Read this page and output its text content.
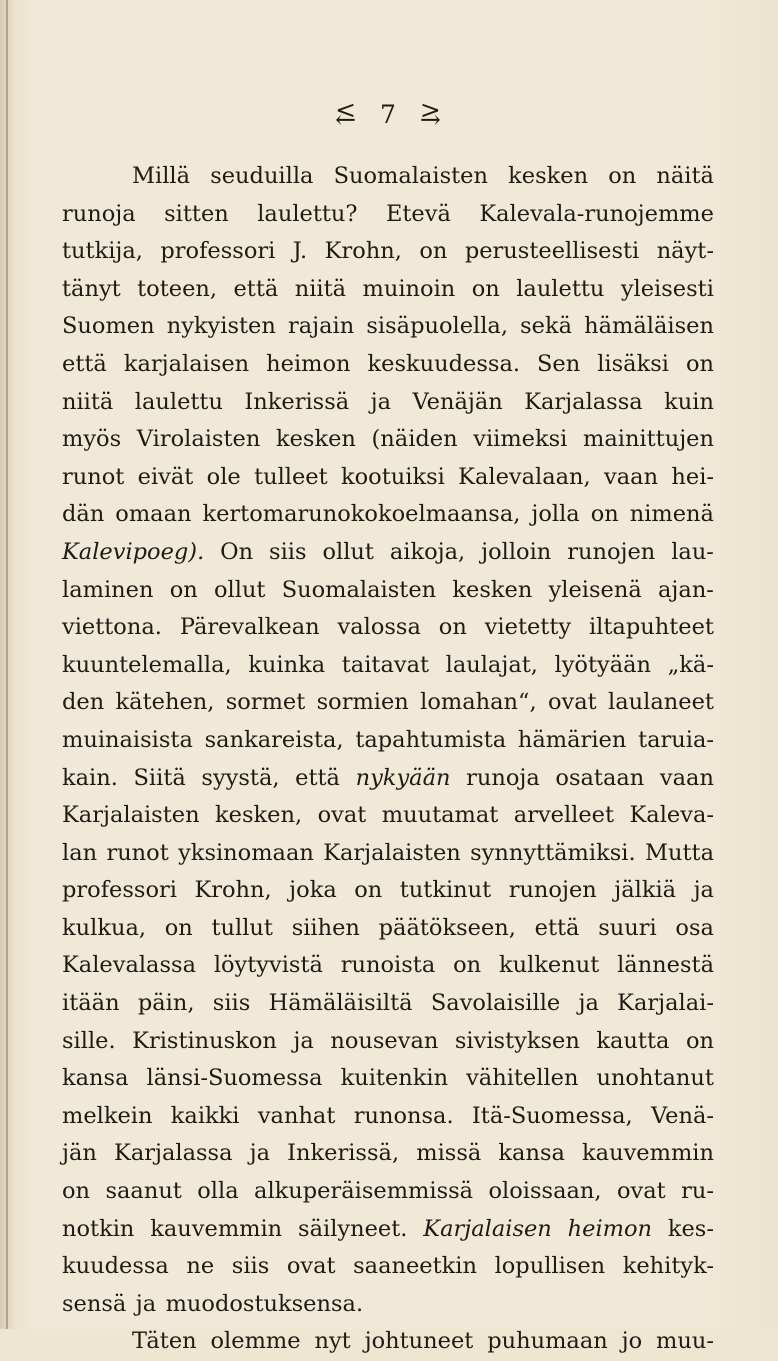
⥶ 7 ⥸
Millä seuduilla Suomalaisten kesken on näitä
runoja sitten laulettu? Etevä Kalevala-runojemme
tutkija, professori J. Krohn, on perusteellisesti näyt-
tänyt toteen, että niitä muinoin on laulettu yleisesti
Suomen nykyisten rajain sisäpuolella, sekä hämäläisen
että karjalaisen heimon keskuudessa. Sen lisäksi on
niitä laulettu Inkerissä ja Venäjän Karjalassa kuin
myös Virolaisten kesken (näiden viimeksi mainittujen
runot eivät ole tulleet kootuiksi Kalevalaan, vaan hei-
dän omaan kertomarunokokoelmaansa, jolla on nimenä
Kalevipoeg). On siis ollut aikoja, jolloin runojen lau-
laminen on ollut Suomalaisten kesken yleisenä ajan-
viettona. Pärevalkean valossa on vietetty iltapuhteet
kuuntelemalla, kuinka taitavat laulajat, lyötyään „kä-
den kätehen, sormet sormien lomahan“, ovat laulaneet
muinaisista sankareista, tapahtumista hämärien taruia-
kain. Siitä syystä, että nykyään runoja osataan vaan
Karjalaisten kesken, ovat muutamat arvelleet Kaleva-
lan runot yksinomaan Karjalaisten synnyttämiksi. Mutta
professori Krohn, joka on tutkinut runojen jälkiä ja
kulkua, on tullut siihen päätökseen, että suuri osa
Kalevalassa löytyvistä runoista on kulkenut lännestä
itään päin, siis Hämäläisiltä Savolaisille ja Karjalai-
sille. Kristinuskon ja nousevan sivistyksen kautta on
kansa länsi-Suomessa kuitenkin vähitellen unohtanut
melkein kaikki vanhat runonsa. Itä-Suomessa, Venä-
jän Karjalassa ja Inkerissä, missä kansa kauvemmin
on saanut olla alkuperäisemmissä oloissaan, ovat ru-
notkin kauvemmin säilyneet. Karjalaisen heimon kes-
kuudessa ne siis ovat saaneetkin lopullisen kehityk-
sensä ja muodostuksensa.
Täten olemme nyt johtuneet puhumaan jo muu-
